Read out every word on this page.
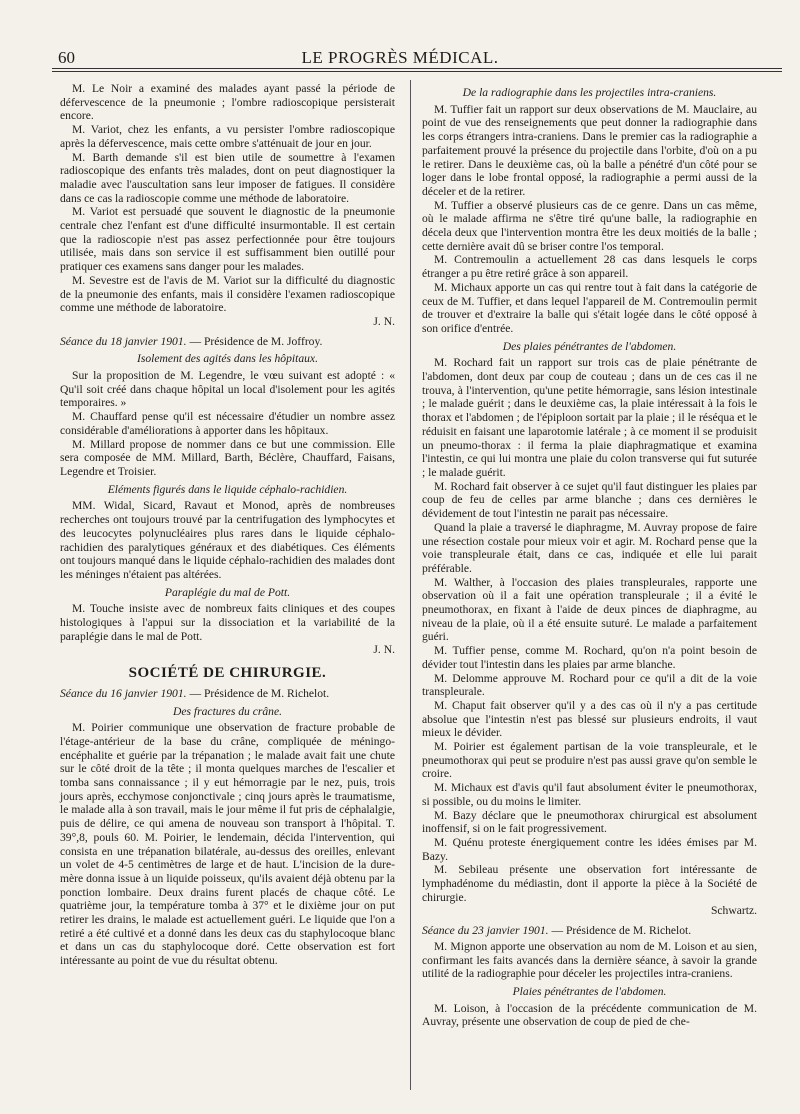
60	LE PROGRÈS MÉDICAL.

M. Le Noir a examiné des malades ayant passé la période de défervescence de la pneumonie ; l'ombre radioscopique persisterait encore.

M. Variot, chez les enfants, a vu persister l'ombre radioscopique après la défervescence, mais cette ombre s'atténuait de jour en jour.

M. Barth demande s'il est bien utile de soumettre à l'examen radioscopique des enfants très malades, dont on peut diagnostiquer la maladie avec l'auscultation sans leur imposer de fatigues. Il considère dans ce cas la radioscopie comme une méthode de laboratoire.

M. Variot est persuadé que souvent le diagnostic de la pneumonie centrale chez l'enfant est d'une difficulté insurmontable. Il est certain que la radioscopie n'est pas assez perfectionnée pour être toujours utilisée, mais dans son service il est suffisamment bien outillé pour pratiquer ces examens sans danger pour les malades.

M. Sevestre est de l'avis de M. Variot sur la difficulté du diagnostic de la pneumonie des enfants, mais il considère l'examen radioscopique comme une méthode de laboratoire.

J. N.

Séance du 18 janvier 1901. — Présidence de M. Joffroy.

Isolement des agités dans les hôpitaux.

Sur la proposition de M. Legendre, le vœu suivant est adopté : « Qu'il soit créé dans chaque hôpital un local d'isolement pour les agités temporaires. »

M. Chauffard pense qu'il est nécessaire d'étudier un nombre assez considérable d'améliorations à apporter dans les hôpitaux.

M. Millard propose de nommer dans ce but une commission. Elle sera composée de MM. Millard, Barth, Béclère, Chauffard, Faisans, Legendre et Troisier.

Eléments figurés dans le liquide céphalo-rachidien.

MM. Widal, Sicard, Ravaut et Monod, après de nombreuses recherches ont toujours trouvé par la centrifugation des lymphocytes et des leucocytes polynucléaires plus rares dans le liquide céphalo-rachidien des paralytiques généraux et des diabétiques. Ces éléments ont toujours manqué dans le liquide céphalo-rachidien des malades dont les méninges n'étaient pas altérées.

Paraplégie du mal de Pott.

M. Touche insiste avec de nombreux faits cliniques et des coupes histologiques à l'appui sur la dissociation et la variabilité de la paraplégie dans le mal de Pott.

J. N.

SOCIÉTÉ DE CHIRURGIE.

Séance du 16 janvier 1901. — Présidence de M. Richelot.

Des fractures du crâne.

M. Poirier communique une observation de fracture probable de l'étage-antérieur de la base du crâne, compliquée de méningo-encéphalite et guérie par la trépanation ; le malade avait fait une chute sur le côté droit de la tête ; il monta quelques marches de l'escalier et tomba sans connaissance ; il y eut hémorragie par le nez, puis, trois jours après, ecchymose conjonctivale ; cinq jours après le traumatisme, le malade alla à son travail, mais le jour même il fut pris de céphalalgie, puis de délire, ce qui amena de nouveau son transport à l'hôpital. T. 39°,8, pouls 60. M. Poirier, le lendemain, décida l'intervention, qui consista en une trépanation bilatérale, au-dessus des oreilles, enlevant un volet de 4-5 centimètres de large et de haut. L'incision de la dure-mère donna issue à un liquide poisseux, qu'ils avaient déjà obtenu par la ponction lombaire. Deux drains furent placés de chaque côté. Le quatrième jour, la température tomba à 37° et le dixième jour on put retirer les drains, le malade est actuellement guéri. Le liquide que l'on a retiré a été cultivé et a donné dans les deux cas du staphylocoque blanc et dans un cas du staphylocoque doré. Cette observation est fort intéressante au point de vue du résultat obtenu.

De la radiographie dans les projectiles intra-craniens.

M. Tuffier fait un rapport sur deux observations de M. Mauclaire, au point de vue des renseignements que peut donner la radiographie dans les corps étrangers intra-craniens. Dans le premier cas la radiographie a parfaitement prouvé la présence du projectile dans l'orbite, d'où on a pu le retirer. Dans le deuxième cas, où la balle a pénétré d'un côté pour se loger dans le lobe frontal opposé, la radiographie a permi aussi de la déceler et de la retirer.

M. Tuffier a observé plusieurs cas de ce genre. Dans un cas même, où le malade affirma ne s'être tiré qu'une balle, la radiographie en décela deux que l'intervention montra être les deux moitiés de la balle ; cette dernière avait dû se briser contre l'os temporal.

M. Contremoulin a actuellement 28 cas dans lesquels le corps étranger a pu être retiré grâce à son appareil.

M. Michaux apporte un cas qui rentre tout à fait dans la catégorie de ceux de M. Tuffier, et dans lequel l'appareil de M. Contremoulin permit de trouver et d'extraire la balle qui s'était logée dans le côté opposé à son orifice d'entrée.

Des plaies pénétrantes de l'abdomen.

M. Rochard fait un rapport sur trois cas de plaie pénétrante de l'abdomen, dont deux par coup de couteau ; dans un de ces cas il ne trouva, à l'intervention, qu'une petite hémorragie, sans lésion intestinale ; le malade guérit ; dans le deuxième cas, la plaie intéressait à la fois le thorax et l'abdomen ; de l'épiploon sortait par la plaie ; il le réséqua et le réduisit en faisant une laparotomie latérale ; à ce moment il se produisit un pneumo-thorax : il ferma la plaie diaphragmatique et examina l'intestin, ce qui lui montra une plaie du colon transverse qui fut suturée ; le malade guérit.

M. Rochard fait observer à ce sujet qu'il faut distinguer les plaies par coup de feu de celles par arme blanche ; dans ces dernières le dévidement de tout l'intestin ne parait pas nécessaire.

Quand la plaie a traversé le diaphragme, M. Auvray propose de faire une résection costale pour mieux voir et agir. M. Rochard pense que la voie transpleurale était, dans ce cas, indiquée et elle lui parait préférable.

M. Walther, à l'occasion des plaies transpleurales, rapporte une observation où il a fait une opération transpleurale ; il a évité le pneumothorax, en fixant à l'aide de deux pinces de diaphragme, au niveau de la plaie, où il a été ensuite suturé. Le malade a parfaitement guéri.

M. Tuffier pense, comme M. Rochard, qu'on n'a point besoin de dévider tout l'intestin dans les plaies par arme blanche.

M. Delomme approuve M. Rochard pour ce qu'il a dit de la voie transpleurale.

M. Chaput fait observer qu'il y a des cas où il n'y a pas certitude absolue que l'intestin n'est pas blessé sur plusieurs endroits, il vaut mieux le dévider.

M. Poirier est également partisan de la voie transpleurale, et le pneumothorax qui peut se produire n'est pas aussi grave qu'on semble le croire.

M. Michaux est d'avis qu'il faut absolument éviter le pneumothorax, si possible, ou du moins le limiter.

M. Bazy déclare que le pneumothorax chirurgical est absolument inoffensif, si on le fait progressivement.

M. Quénu proteste énergiquement contre les idées émises par M. Bazy.

M. Sebileau présente une observation fort intéressante de lymphadénome du médiastin, dont il apporte la pièce à la Société de chirurgie.

Schwartz.

Séance du 23 janvier 1901. — Présidence de M. Richelot.

M. Mignon apporte une observation au nom de M. Loison et au sien, confirmant les faits avancés dans la dernière séance, à savoir la grande utilité de la radiographie pour déceler les projectiles intra-craniens.

Plaies pénétrantes de l'abdomen.

M. Loison, à l'occasion de la précédente communication de M. Auvray, présente une observation de coup de pied de che-
